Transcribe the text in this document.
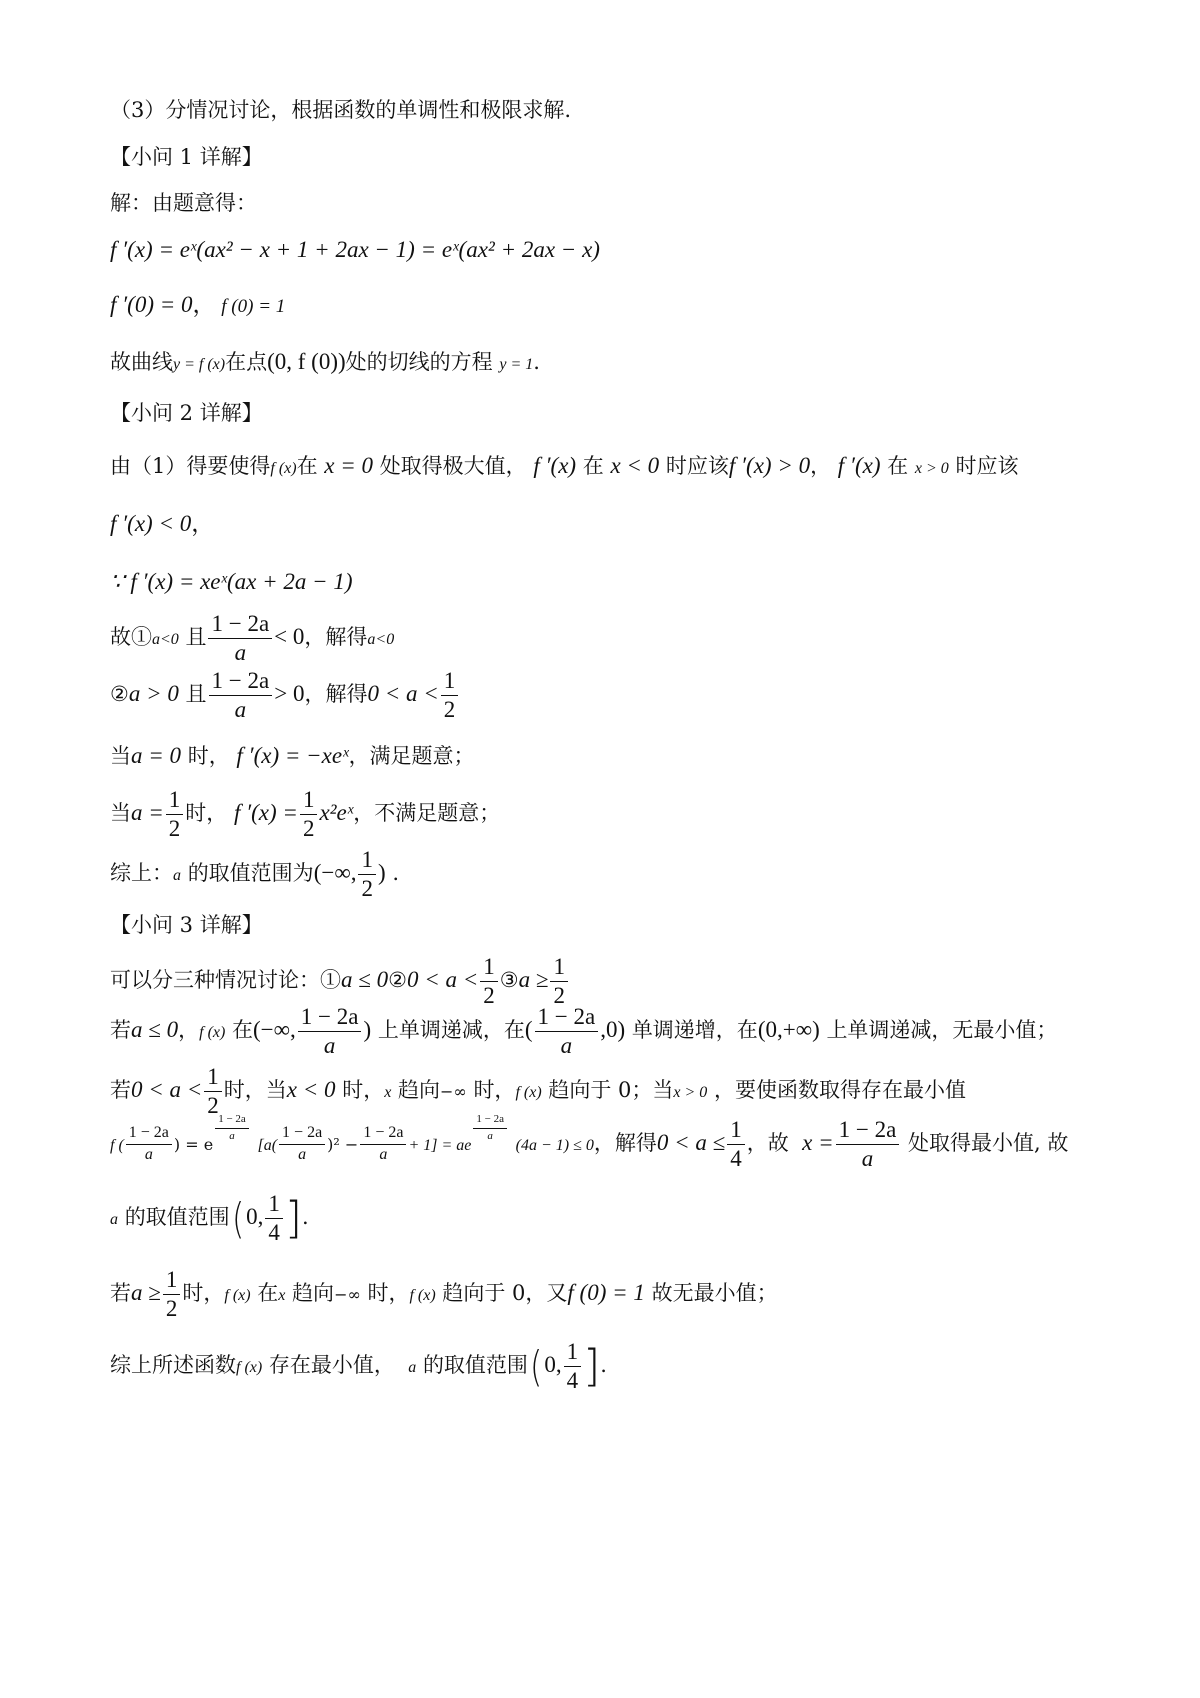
（3）分情况讨论，根据函数的单调性和极限求解.
【小问 1 详解】
解：由题意得：
f ′(x) = eˣ(ax² − x + 1 + 2ax − 1) = eˣ(ax² + 2ax − x)
f ′(0) = 0， f (0) = 1
故曲线y = f (x)在点(0, f (0))处的切线的方程 y = 1.
【小问 2 详解】
由（1）得要使得f (x)在 x = 0 处取得极大值， f ′(x) 在 x < 0 时应该f ′(x) > 0， f ′(x) 在 x > 0 时应该
f ′(x) < 0，
∵ f ′(x) = xeˣ(ax + 2a − 1)
故①a<0 且 $\frac{1 - 2a}{a} < 0$，解得a<0
②a > 0 且 $\frac{1 - 2a}{a} > 0$，解得$0 < a < \frac{1}{2}$
当a = 0 时， f ′(x) = −xeˣ，满足题意；
当$a = \frac{1}{2}$ 时， f $'(x) = \frac{1}{2}$ x²eˣ，不满足题意；
综上：a 的取值范围为(−∞, $\frac{1}{2}$ ) .
【小问 3 详解】
可以分三种情况讨论：①a ≤ 0②0 < $a < \frac{1}{2}$ ③a ≥ $\frac{1}{2}$
若a ≤ 0，f (x) 在(−∞, $\frac{1 - 2a}{a}$ ) 上单调递减，在( $\frac{1 - 2a}{a} ,0$) 单调递增，在(0,+∞) 上单调递减，无最小值；
若$0 < a < \frac{1}{2}$ 时，当x < 0 时，x 趋向−∞ 时，f (x) 趋向于 0；当x > 0 ，要使函数取得存在最小值
f ( $\frac{1 - 2a}{a}$ ) = e
$\frac{1 - 2a}{a}$
$[a( \frac{1 - 2a}{a} )^2 - \frac{1 - 2a}{a} + 1]$ = ae
$\frac{1 - 2a}{a}$
(4a − 1) ≤ 0，解得$0 < a \le \frac{1}{4}$ ，故 $x = \frac{1 - 2a}{a}$ 处取得最小值, 故
a 的取值范围(0, $\frac{1}{4}$ ].
若$a \ge \frac{1}{2}$ 时，f (x) 在x 趋向−∞ 时，f (x) 趋向于 0，又f (0) = 1 故无最小值；
综上所述函数f (x) 存在最小值， a 的取值范围(0, $\frac{1}{4}$ ].
